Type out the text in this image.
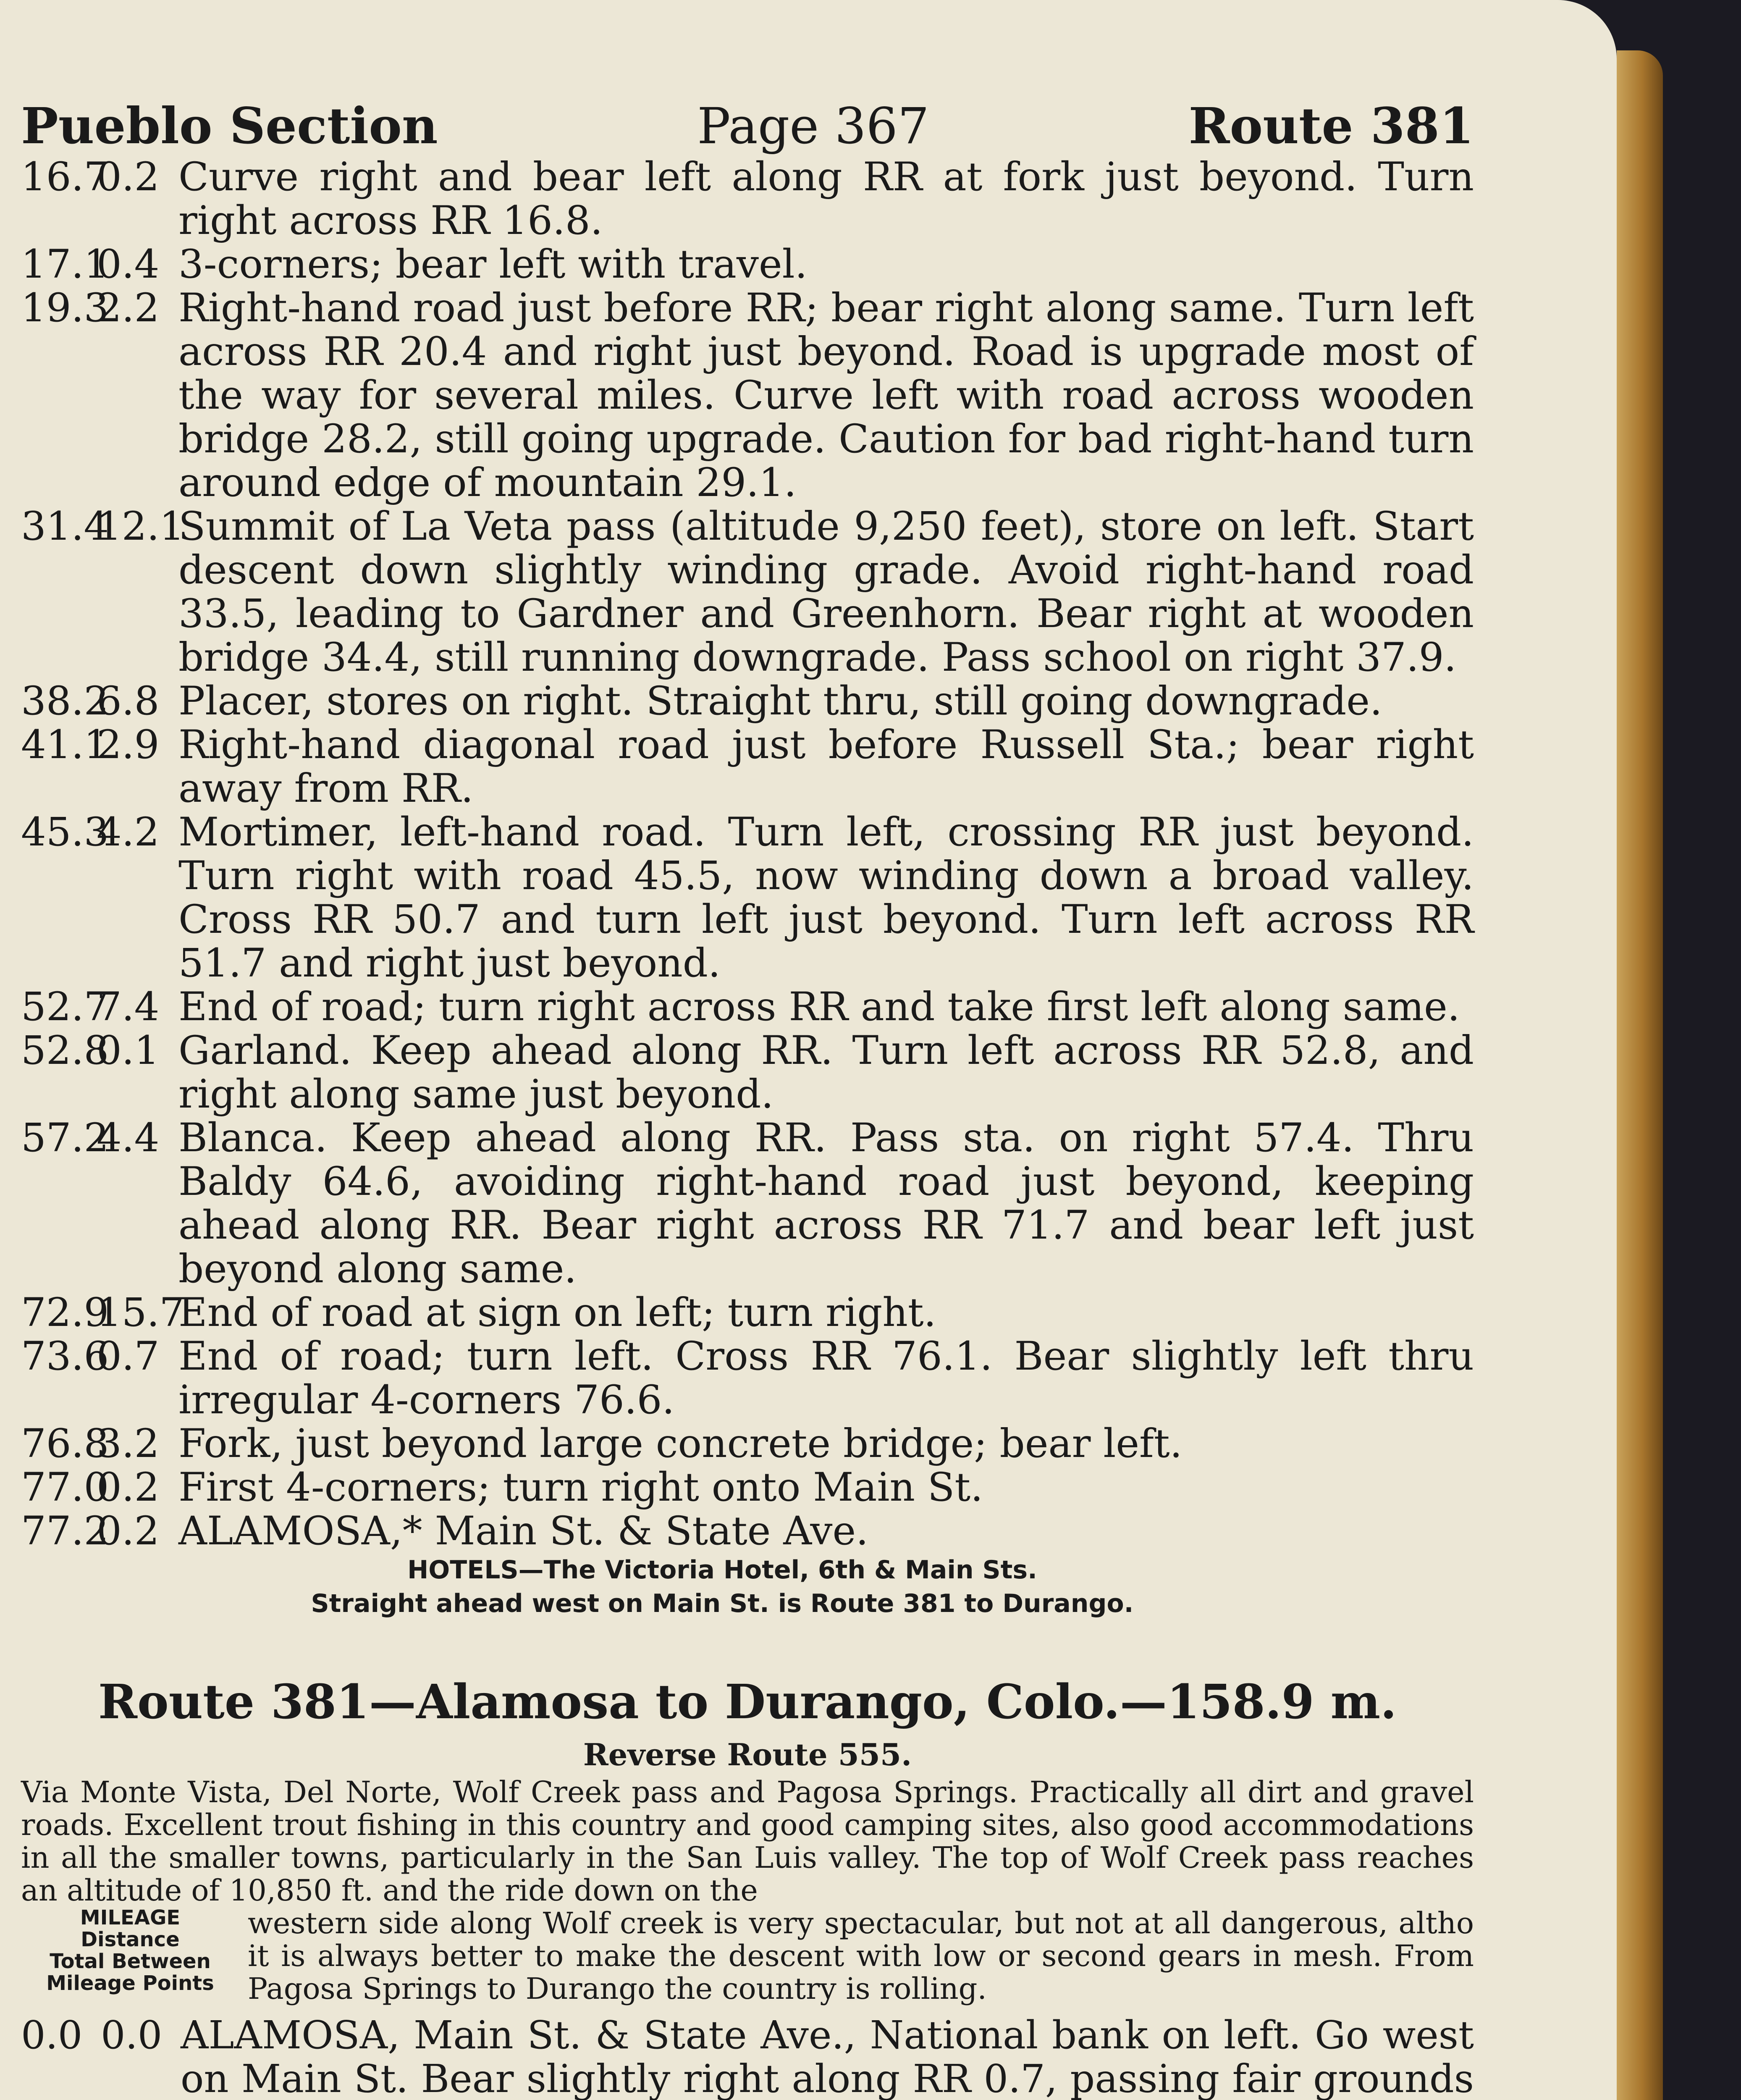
Pueblo Section	Page 367	Route 381
16.7
0.2 Curve right and bear left along RR at fork just beyond. Turn right across RR 16.8.
17.1
0.4 3-corners; bear left with travel.
19.3
2.2 Right-hand road just before RR; bear right along same. Turn left across RR 20.4 and right just beyond. Road is upgrade most of the way for several miles. Curve left with road across wooden bridge 28.2, still going upgrade. Caution for bad right-hand turn around edge of mountain 29.1.
31.4
12.1
Summit of La Veta pass (altitude 9,250 feet), store on left. Start descent down slightly winding grade. Avoid right-hand road 33.5, leading to Gardner and Greenhorn. Bear right at wooden bridge 34.4, still running downgrade. Pass school on right 37.9.
38.2
6.8 Placer, stores on right. Straight thru, still going downgrade.
41.1
2.9 Right-hand diagonal road just before Russell Sta.; bear right away from RR.
45.3
4.2 Mortimer, left-hand road. Turn left, crossing RR just beyond. Turn right with road 45.5, now winding down a broad valley. Cross RR 50.7 and turn left just beyond. Turn left across RR 51.7 and right just beyond.
52.7
7.4 End of road; turn right across RR and take first left along same.
52.8
0.1 Garland. Keep ahead along RR. Turn left across RR 52.8, and right along same just beyond.
57.2
4.4 Blanca. Keep ahead along RR. Pass sta. on right 57.4. Thru Baldy 64.6, avoiding right-hand road just beyond, keeping ahead along RR. Bear right across RR 71.7 and bear left just beyond along same.
72.9
15.7
End of road at sign on left; turn right.
73.6
0.7 End of road; turn left. Cross RR 76.1. Bear slightly left thru irregular 4-corners 76.6.
76.8
3.2 Fork, just beyond large concrete bridge; bear left.
77.0
0.2 First 4-corners; turn right onto Main St.
77.2
0.2 ALAMOSA,* Main St. & State Ave.
HOTELS—The Victoria Hotel, 6th & Main Sts.
Straight ahead west on Main St. is Route 381 to Durango.
Route 381—Alamosa to Durango, Colo.—158.9 m.
Reverse Route 555.
Via Monte Vista, Del Norte, Wolf Creek pass and Pagosa Springs. Practically all dirt and gravel roads. Excellent trout fishing in this country and good camping sites, also good accommodations in all the smaller towns, particularly in the San Luis valley. The top of Wolf Creek pass reaches an altitude of 10,850 ft. and the ride down on the
MILEAGE
Distance
Total Between
Mileage Points
western side along Wolf creek is very spectacular, but not at all dangerous, altho it is always better to make the descent with low or second gears in mesh. From Pagosa Springs to Durango the country is rolling.
0.0 0.0 ALAMOSA, Main St. & State Ave., National bank on left. Go west on Main St. Bear slightly right along RR 0.7, passing fair grounds
